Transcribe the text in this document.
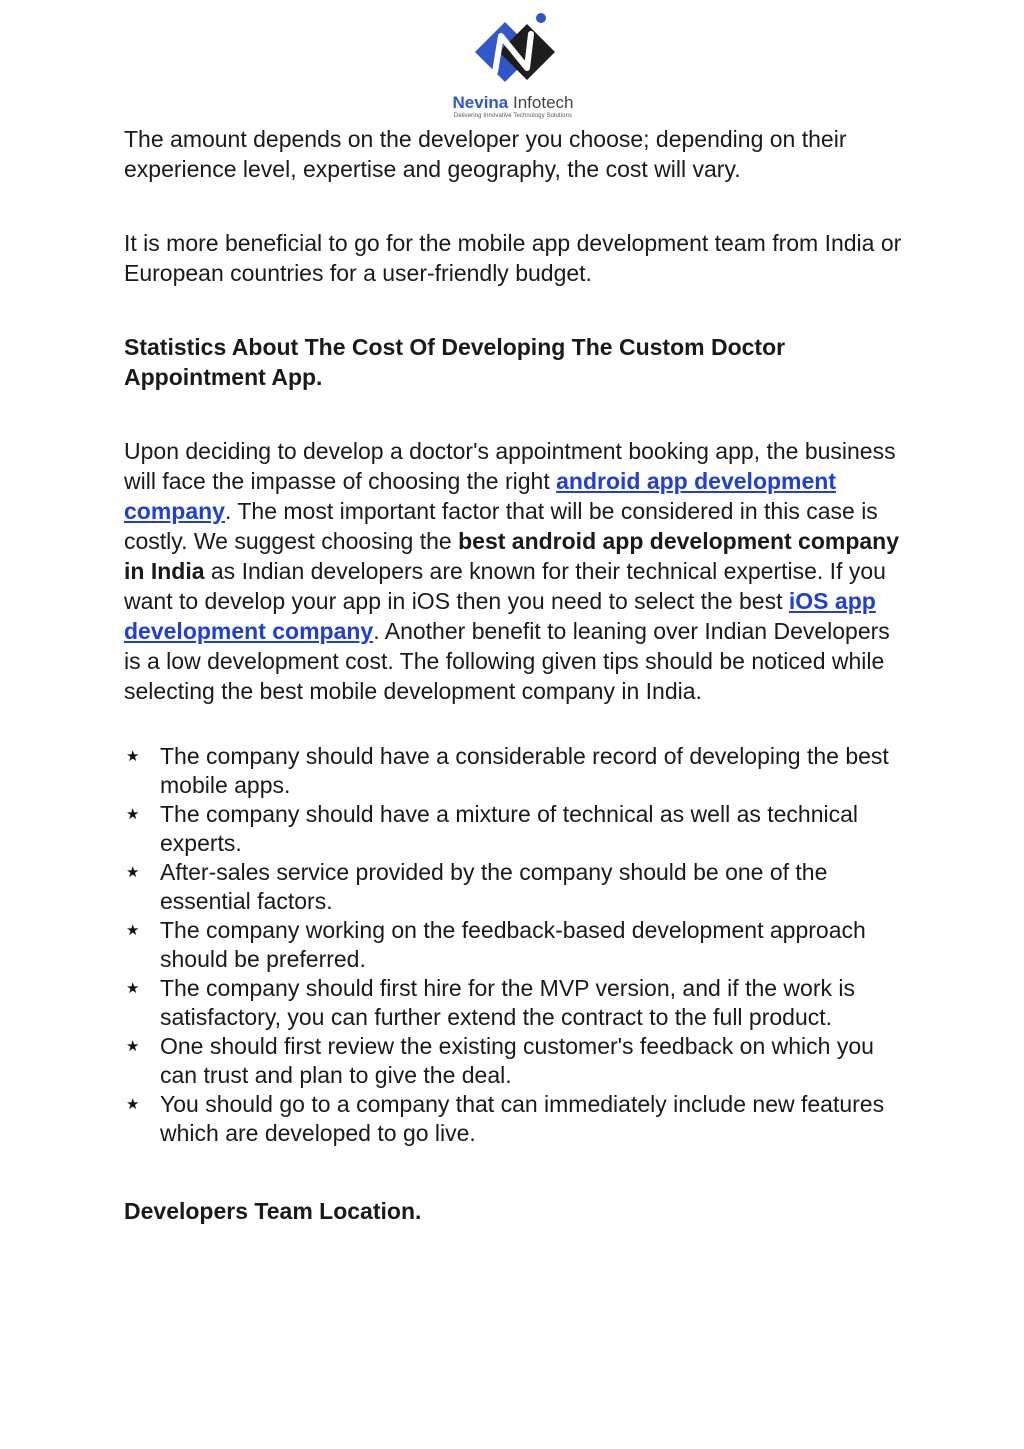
Nevina Infotech
Delivering Innovative Technology Solutions

The amount depends on the developer you choose; depending on their experience level, expertise and geography, the cost will vary.

It is more beneficial to go for the mobile app development team from India or European countries for a user-friendly budget.

Statistics About The Cost Of Developing The Custom Doctor Appointment App.

Upon deciding to develop a doctor's appointment booking app, the business will face the impasse of choosing the right android app development company. The most important factor that will be considered in this case is costly. We suggest choosing the best android app development company in India as Indian developers are known for their technical expertise. If you want to develop your app in iOS then you need to select the best iOS app development company. Another benefit to leaning over Indian Developers is a low development cost. The following given tips should be noticed while selecting the best mobile development company in India.

★ The company should have a considerable record of developing the best mobile apps.
★ The company should have a mixture of technical as well as technical experts.
★ After-sales service provided by the company should be one of the essential factors.
★ The company working on the feedback-based development approach should be preferred.
★ The company should first hire for the MVP version, and if the work is satisfactory, you can further extend the contract to the full product.
★ One should first review the existing customer's feedback on which you can trust and plan to give the deal.
★ You should go to a company that can immediately include new features which are developed to go live.
Developers Team Location.
